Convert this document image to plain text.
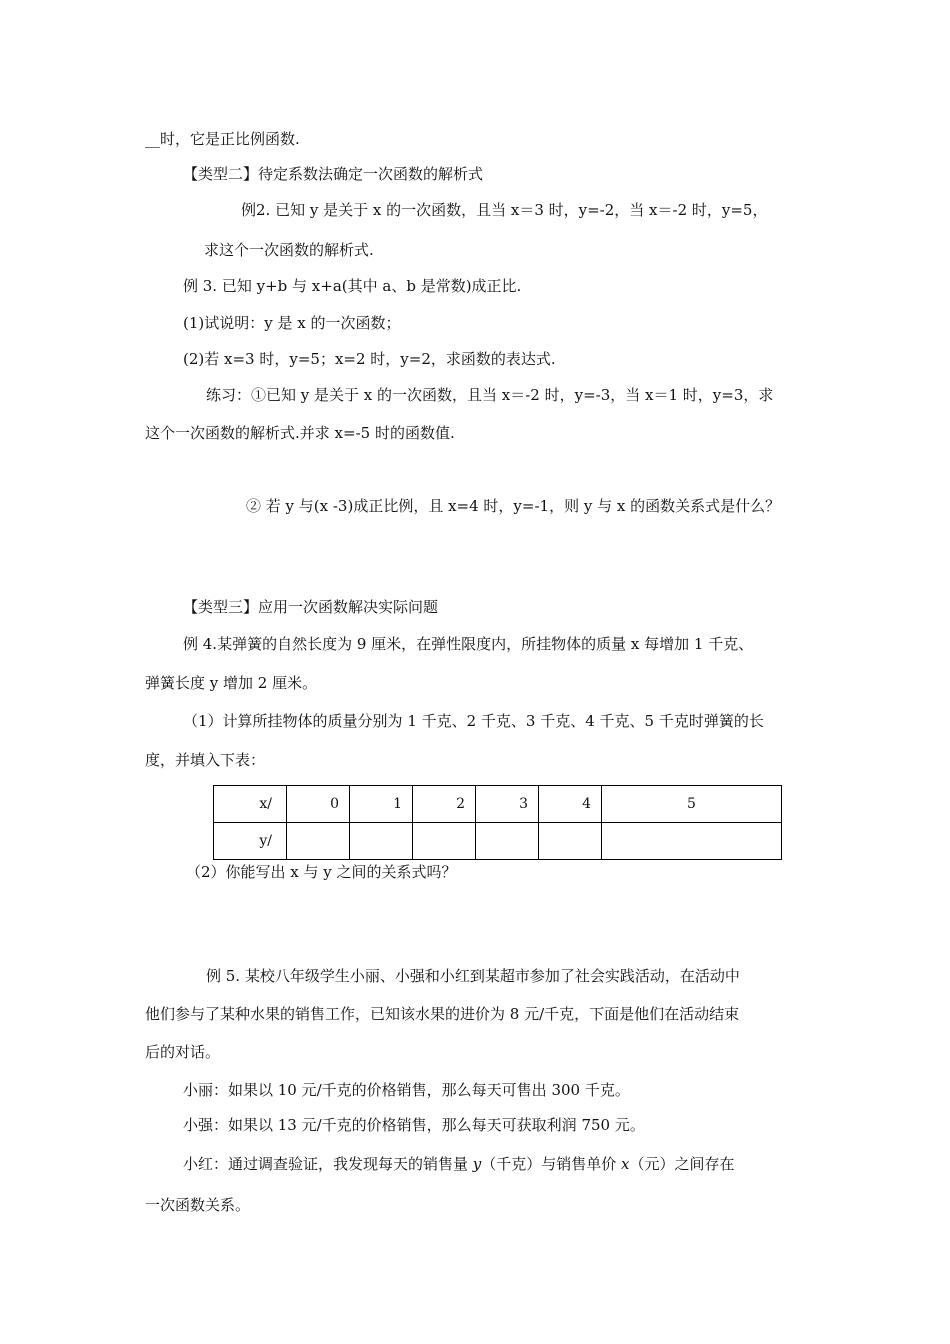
__时，它是正比例函数.
【类型二】待定系数法确定一次函数的解析式
例2. 已知 y 是关于 x 的一次函数，且当 x＝3 时，y=-2，当 x＝-2 时，y=5，
求这个一次函数的解析式.
例 3. 已知 y+b 与 x+a(其中 a、b 是常数)成正比.
(1)试说明：y 是 x 的一次函数；
(2)若 x=3 时，y=5；x=2 时，y=2，求函数的表达式.
练习：①已知 y 是关于 x 的一次函数，且当 x＝-2 时，y=-3，当 x＝1 时，y=3，求
这个一次函数的解析式.并求 x=-5 时的函数值.
② 若 y 与(x -3)成正比例，且 x=4 时，y=-1，则 y 与 x 的函数关系式是什么？
【类型三】应用一次函数解决实际问题
例 4.某弹簧的自然长度为 9 厘米，在弹性限度内，所挂物体的质量 x 每增加 1 千克、
弹簧长度 y 增加 2 厘米。
（1）计算所挂物体的质量分别为 1 千克、2 千克、3 千克、4 千克、5 千克时弹簧的长
度，并填入下表：
x/	0	1	2	3	4	5
y/						
（2）你能写出 x 与 y 之间的关系式吗？
例 5. 某校八年级学生小丽、小强和小红到某超市参加了社会实践活动，在活动中
他们参与了某种水果的销售工作，已知该水果的进价为 8 元/千克，下面是他们在活动结束
后的对话。
小丽：如果以 10 元/千克的价格销售，那么每天可售出 300 千克。
小强：如果以 13 元/千克的价格销售，那么每天可获取利润 750 元。
小红：通过调查验证，我发现每天的销售量 y（千克）与销售单价 x（元）之间存在
一次函数关系。
